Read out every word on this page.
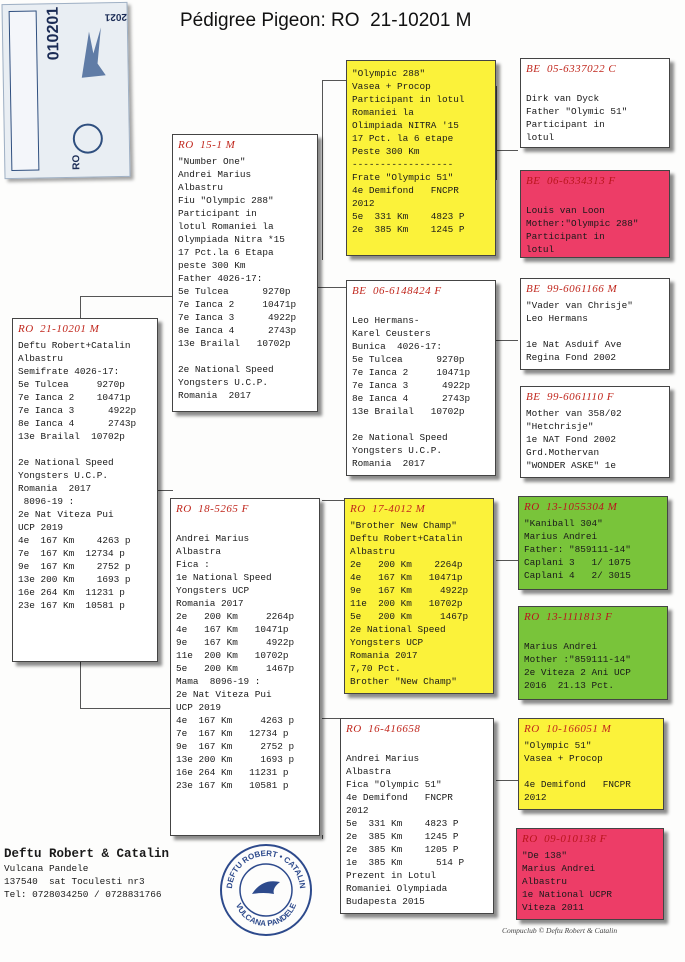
Pédigree Pigeon: RO  21-10201 M
010201
RO
2021
RO  21-10201 M
Deftu Robert+Catalin
Albastru
Semifrate 4026-17:
5e Tulcea     9270p
7e Ianca 2    10471p
7e Ianca 3      4922p
8e Ianca 4      2743p
13e Brailal  10702p
2e National Speed
Yongsters U.C.P.
Romania  2017
8096-19 :
2e Nat Viteza Pui
UCP 2019
4e  167 Km    4263 p
7e  167 Km  12734 p
9e  167 Km    2752 p
13e 200 Km    1693 p
16e 264 Km  11231 p
23e 167 Km  10581 p
RO  15-1 M
"Number One"
Andrei Marius
Albastru
Fiu "Olympic 288"
Participant in
lotul Romaniei la
Olympiada Nitra *15
17 Pct.la 6 Etapa
peste 300 Km
Father 4026-17:
5e Tulcea      9270p
7e Ianca 2     10471p
7e Ianca 3      4922p
8e Ianca 4      2743p
13e Brailal   10702p
2e National Speed
Yongsters U.C.P.
Romania  2017
RO  18-5265 F
Andrei Marius
Albastra
Fica :
1e National Speed
Yongsters UCP
Romania 2017
2e   200 Km     2264p
4e   167 Km   10471p
9e   167 Km     4922p
11e  200 Km   10702p
5e   200 Km     1467p
Mama  8096-19 :
2e Nat Viteza Pui
UCP 2019
4e  167 Km     4263 p
7e  167 Km   12734 p
9e  167 Km     2752 p
13e 200 Km     1693 p
16e 264 Km   11231 p
23e 167 Km   10581 p
"Olympic 288"
Vasea + Procop
Participant in lotul
Romaniei la
Olimpiada NITRA '15
17 Pct. la 6 etape
Peste 300 Km
------------------
Frate "Olympic 51"
4e Demifond   FNCPR
2012
5e  331 Km    4823 P
2e  385 Km    1245 P
BE  06-6148424 F
Leo Hermans-
Karel Ceusters
Bunica  4026-17:
5e Tulcea      9270p
7e Ianca 2     10471p
7e Ianca 3      4922p
8e Ianca 4      2743p
13e Brailal   10702p
2e National Speed
Yongsters U.C.P.
Romania  2017
RO  17-4012 M
"Brother New Champ"
Deftu Robert+Catalin
Albastru
2e   200 Km    2264p
4e   167 Km   10471p
9e   167 Km     4922p
11e  200 Km   10702p
5e   200 Km     1467p
2e National Speed
Yongsters UCP
Romania 2017
7,70 Pct.
Brother "New Champ"
RO  16-416658
Andrei Marius
Albastra
Fica "Olympic 51"
4e Demifond   FNCPR
2012
5e  331 Km    4823 P
2e  385 Km    1245 P
2e  385 Km    1205 P
1e  385 Km      514 P
Prezent in Lotul
Romaniei Olympiada
Budapesta 2015
BE  05-6337022 C
Dirk van Dyck
Father "Olymic 51"
Participant in
lotul
BE  06-6334313 F
Louis van Loon
Mother:"Olympic 288"
Participant in
lotul
BE  99-6061166 M
"Vader van Chrisje"
Leo Hermans
1e Nat Asduif Ave
Regina Fond 2002
BE  99-6061110 F
Mother van 358/02
"Hetchrisje"
1e NAT Fond 2002
Grd.Mothervan
"WONDER ASKE" 1e
RO  13-1055304 M
"Kaniball 304"
Marius Andrei
Father: "859111-14"
Caplani 3   1/ 1075
Caplani 4   2/ 3015
RO  13-1111813 F
Marius Andrei
Mother :"859111-14"
2e Viteza 2 Ani UCP
2016  21.13 Pct.
RO  10-166051 M
"Olympic 51"
Vasea + Procop
4e Demifond   FNCPR
2012
RO  09-010138 F
"De 138"
Marius Andrei
Albastru
1e National UCPR
Viteza 2011
Deftu Robert & Catalin
Vulcana Pandele
137540  sat Toculesti nr3
Tel: 0728034250 / 0728831766
DEFTU ROBERT • CATALIN
VULCANA PANDELE
Compuclub © Deftu Robert & Catalin
